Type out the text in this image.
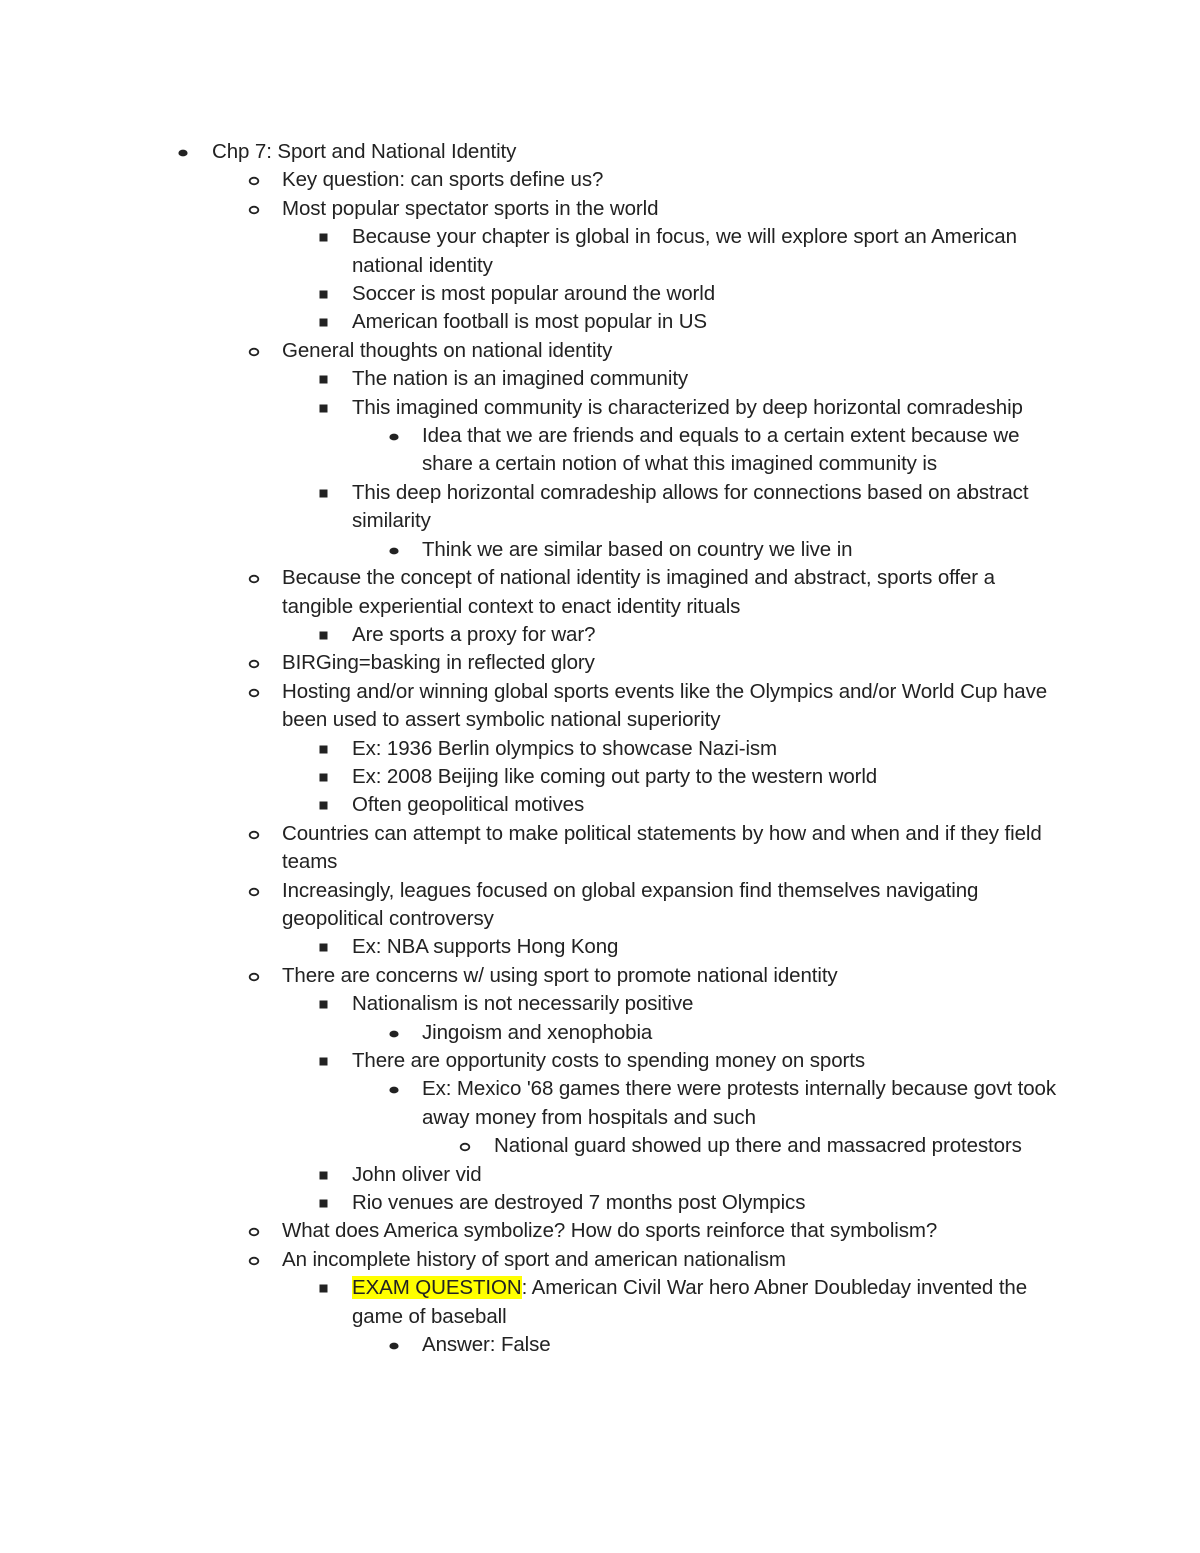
Chp 7: Sport and National Identity
Key question: can sports define us?
Most popular spectator sports in the world
Because your chapter is global in focus, we will explore sport an American national identity
Soccer is most popular around the world
American football is most popular in US
General thoughts on national identity
The nation is an imagined community
This imagined community is characterized by deep horizontal comradeship
Idea that we are friends and equals to a certain extent because we share a certain notion of what this imagined community is
This deep horizontal comradeship allows for connections based on abstract similarity
Think we are similar based on country we live in
Because the concept of national identity is imagined and abstract, sports offer a tangible experiential context to enact identity rituals
Are sports a proxy for war?
BIRGing=basking in reflected glory
Hosting and/or winning global sports events like the Olympics and/or World Cup have been used to assert symbolic national superiority
Ex: 1936 Berlin olympics to showcase Nazi-ism
Ex: 2008 Beijing like coming out party to the western world
Often geopolitical motives
Countries can attempt to make political statements by how and when and if they field teams
Increasingly, leagues focused on global expansion find themselves navigating geopolitical controversy
Ex: NBA supports Hong Kong
There are concerns w/ using sport to promote national identity
Nationalism is not necessarily positive
Jingoism and xenophobia
There are opportunity costs to spending money on sports
Ex: Mexico '68 games there were protests internally because govt took away money from hospitals and such
National guard showed up there and massacred protestors
John oliver vid
Rio venues are destroyed 7 months post Olympics
What does America symbolize? How do sports reinforce that symbolism?
An incomplete history of sport and american nationalism
EXAM QUESTION: American Civil War hero Abner Doubleday invented the game of baseball
Answer: False
